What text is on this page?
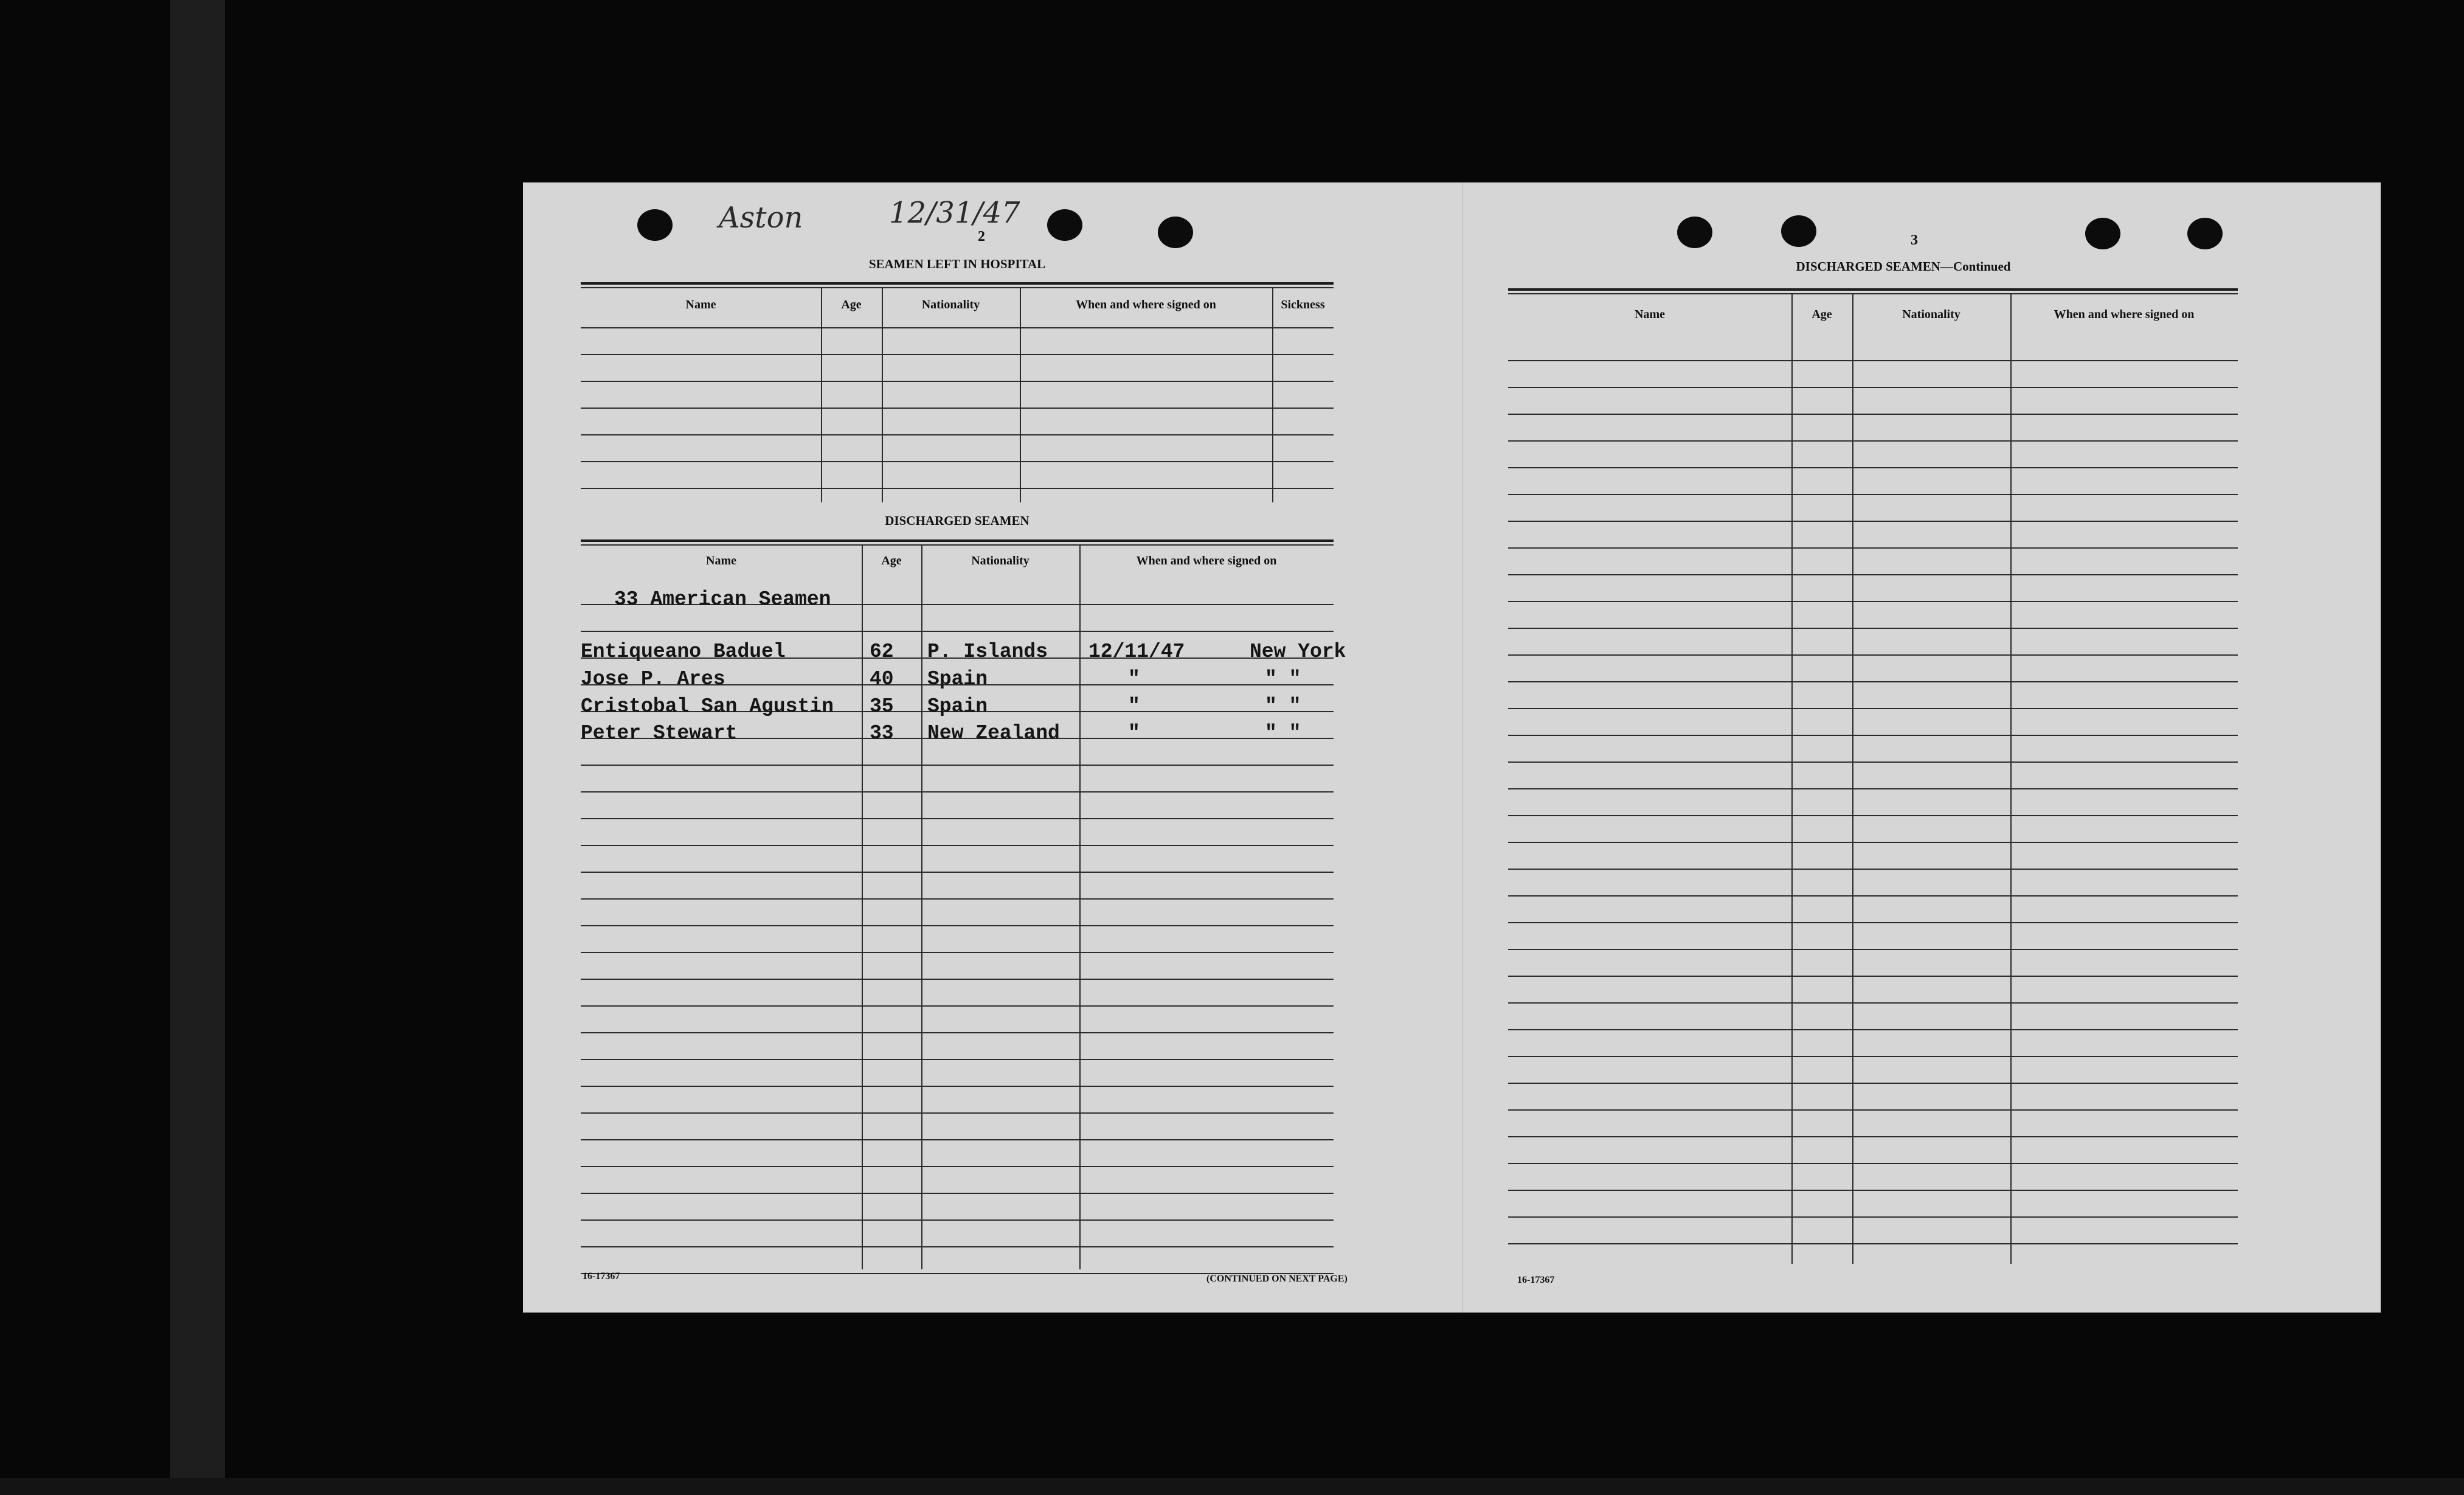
Aston	12/31/47
2
SEAMEN LEFT IN HOSPITAL
Name	Age	Nationality	When and where signed on	Sickness
DISCHARGED SEAMEN
Name	Age	Nationality	When and where signed on
33 American Seamen
Entiqueano Baduel	62 P. Islands 12/11/47	New York
Jose P. Ares	40 Spain	"	" "
Cristobal San Agustin 35 Spain	"	" "
Peter Stewart	33 New Zealand	"	" "
16-17367	(CONTINUED ON NEXT PAGE)
3
DISCHARGED SEAMEN—Continued
Name	Age	Nationality	When and where signed on
16-17367
